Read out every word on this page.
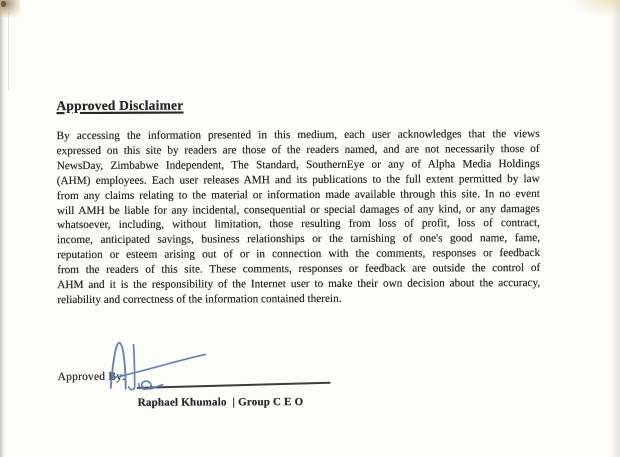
Approved Disclaimer
By accessing the information presented in this medium, each user acknowledges that the views
expressed on this site by readers are those of the readers named, and are not necessarily those of
NewsDay, Zimbabwe Independent, The Standard, SouthernEye or any of Alpha Media Holdings
(AHM) employees. Each user releases AMH and its publications to the full extent permitted by law
from any claims relating to the material or information made available through this site. In no event
will AMH be liable for any incidental, consequential or special damages of any kind, or any damages
whatsoever, including, without limitation, those resulting from loss of profit, loss of contract,
income, anticipated savings, business relationships or the tarnishing of one's good name, fame,
reputation or esteem arising out of or in connection with the comments, responses or feedback
from the readers of this site. These comments, responses or feedback are outside the control of
AHM and it is the responsibility of the Internet user to make their own decision about the accuracy,
reliability and correctness of the information contained therein.
Approved By:
Raphael Khumalo  | Group C E O
